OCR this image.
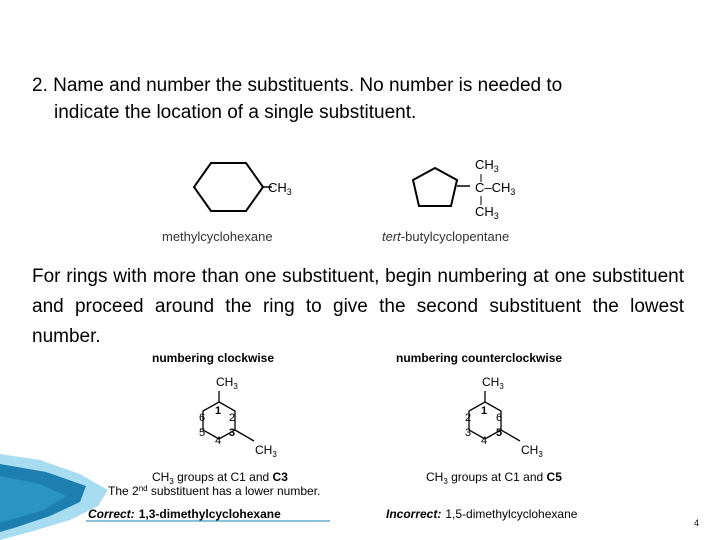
2. Name and number the substituents. No number is needed to
indicate the location of a single substituent.
$CH_3$
methylcyclohexane
$CH_3$
$C-CH_3$
$CH_3$
tert-butylcyclopentane
For rings with more than one substituent, begin numbering at one substituent and proceed around the ring to give the second substituent the lowest number.
numbering clockwise
$CH_3$
$CH_3$
1
2
3
4
5
6
$CH_3$ groups at C1 and C3
The 2nd substituent has a lower number.
Correct: 1,3-dimethylcyclohexane
numbering counterclockwise
$CH_3$
$CH_3$
1
2
3
4
5
6
$CH_3$ groups at C1 and C5
Incorrect: 1,5-dimethylcyclohexane
4
